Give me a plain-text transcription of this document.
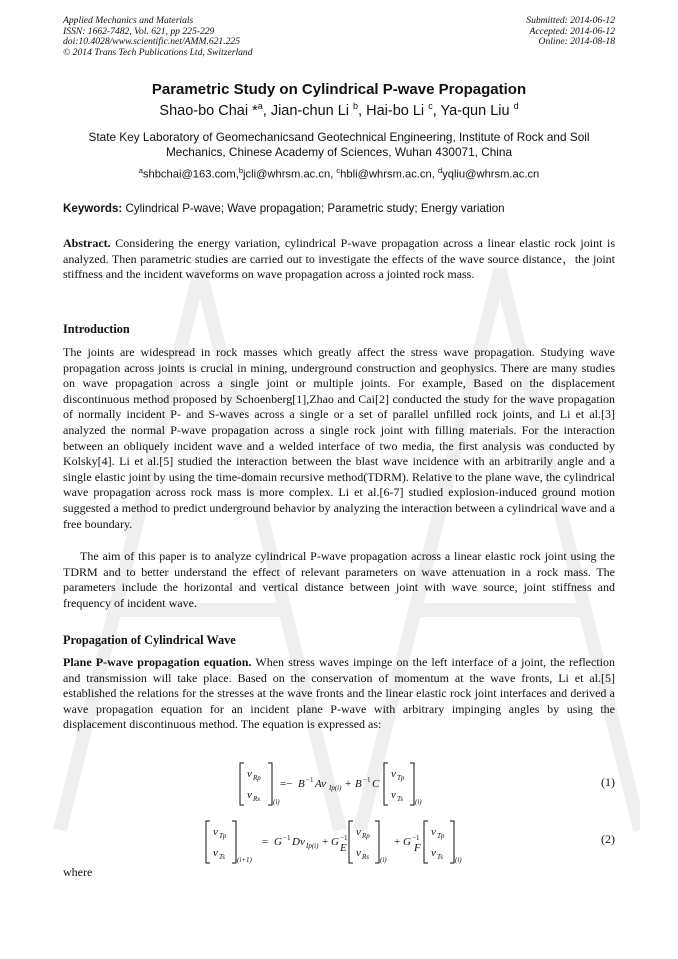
Applied Mechanics and Materials
ISSN: 1662-7482, Vol. 621, pp 225-229
doi:10.4028/www.scientific.net/AMM.621.225
© 2014 Trans Tech Publications Ltd, Switzerland
Submitted: 2014-06-12
Accepted: 2014-06-12
Online: 2014-08-18
Parametric Study on Cylindrical P-wave Propagation
Shao-bo Chai *$^a$, Jian-chun Li $^b$, Hai-bo Li $^c$, Ya-qun Liu $^d$
State Key Laboratory of Geomechanicsand Geotechnical Engineering, Institute of Rock and Soil Mechanics, Chinese Academy of Sciences, Wuhan 430071, China
$^a$shbchai@163.com,$^b$jcli@whrsm.ac.cn, $^c$hbli@whrsm.ac.cn, $^d$yqliu@whrsm.ac.cn
Keywords: Cylindrical P-wave; Wave propagation; Parametric study; Energy variation
Abstract. Considering the energy variation, cylindrical P-wave propagation across a linear elastic rock joint is analyzed. Then parametric studies are carried out to investigate the effects of the wave source distance，the joint stiffness and the incident waveforms on wave propagation across a jointed rock mass.
Introduction
The joints are widespread in rock masses which greatly affect the stress wave propagation. Studying wave propagation across joints is crucial in mining, underground construction and geophysics. There are many studies on wave propagation across a single joint or multiple joints. For example, Based on the displacement discontinuous method proposed by Schoenberg[1],Zhao and Cai[2] conducted the study for the wave propagation of normally incident P- and S-waves across a single or a set of parallel unfilled rock joints, and Li et al.[3] analyzed the normal P-wave propagation across a single rock joint with filling materials. For the interaction between an obliquely incident wave and a welded interface of two media, the first analysis was conducted by Kolsky[4]. Li et al.[5] studied the interaction between the blast wave incidence with an arbitrarily angle and a single elastic joint by using the time-domain recursive method(TDRM). Relative to the plane wave, the cylindrical wave propagation across rock mass is more complex. Li et al.[6-7] studied explosion-induced ground motion suggested a method to predict underground behavior by analyzing the interaction between a cylindrical wave and a free boundary.
The aim of this paper is to analyze cylindrical P-wave propagation across a linear elastic rock joint using the TDRM and to better understand the effect of relevant parameters on wave attenuation in a rock mass. The parameters include the horizontal and vertical distance between joint with wave source, joint stiffness and frequency of incident wave.
Propagation of Cylindrical Wave
Plane P-wave propagation equation. When stress waves impinge on the left interface of a joint, the reflection and transmission will take place. Based on the conservation of momentum at the wave fronts, Li et al.[5] established the relations for the stresses at the wave fronts and the linear elastic rock joint interfaces and derived a wave propagation equation for an incident plane P-wave with arbitrary impinging angles by using the displacement discontinuous method. The equation is expressed as:
v Rp
v Rs (i)
=− B −1 Av Ip(i) + B −1 C
v Tp
v Ts (i)
(1)
v Tp
v Ts (i+1)
= G −1 Dv Ip(i) + G −1
E
v Rp
v Rs (i)
+ G −1
F
v Tp
v Ts (i)
(2)
where
